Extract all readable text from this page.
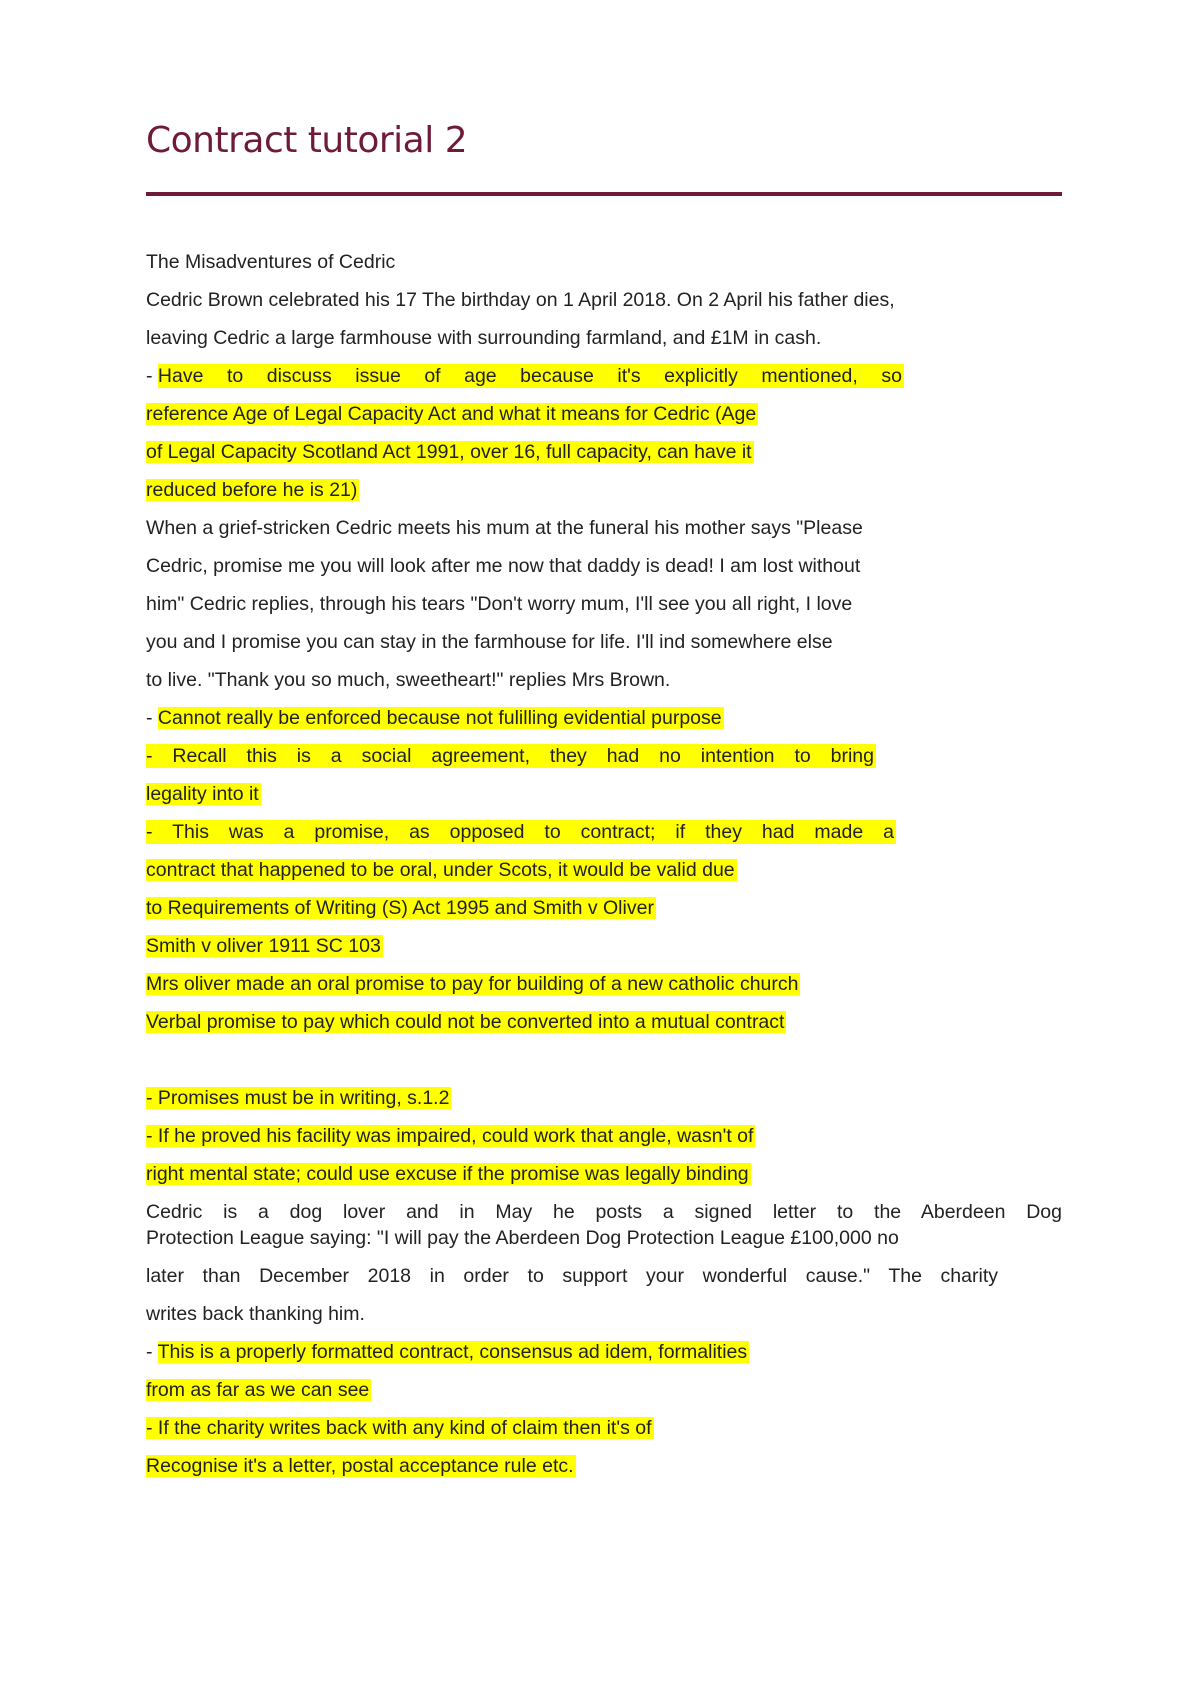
Contract tutorial 2
The Misadventures of Cedric
Cedric Brown celebrated his 17 The birthday on 1 April 2018. On 2 April his father dies,
leaving Cedric a large farmhouse with surrounding farmland, and £1M in cash.
- Have to discuss issue of age because it's explicitly mentioned, so
reference Age of Legal Capacity Act and what it means for Cedric (Age
of Legal Capacity Scotland Act 1991, over 16, full capacity, can have it
reduced before he is 21)
When a grief-stricken Cedric meets his mum at the funeral his mother says "Please
Cedric, promise me you will look after me now that daddy is dead! I am lost without
him" Cedric replies, through his tears "Don't worry mum, I'll see you all right, I love
you and I promise you can stay in the farmhouse for life. I'll ind somewhere else
to live. "Thank you so much, sweetheart!" replies Mrs Brown.
- Cannot really be enforced because not fulilling evidential purpose
- Recall this is a social agreement, they had no intention to bring
legality into it
- This was a promise, as opposed to contract; if they had made a
contract that happened to be oral, under Scots, it would be valid due
to Requirements of Writing (S) Act 1995 and Smith v Oliver
Smith v oliver 1911 SC 103
Mrs oliver made an oral promise to pay for building of a new catholic church
Verbal promise to pay which could not be converted into a mutual contract
- Promises must be in writing, s.1.2
- If he proved his facility was impaired, could work that angle, wasn't of
right mental state; could use excuse if the promise was legally binding
Cedric is a dog lover and in May he posts a signed letter to the Aberdeen Dog
Protection League saying: "I will pay the Aberdeen Dog Protection League £100,000 no
later than December 2018 in order to support your wonderful cause." The charity
writes back thanking him.
- This is a properly formatted contract, consensus ad idem, formalities
from as far as we can see
- If the charity writes back with any kind of claim then it's of
Recognise it's a letter, postal acceptance rule etc.
